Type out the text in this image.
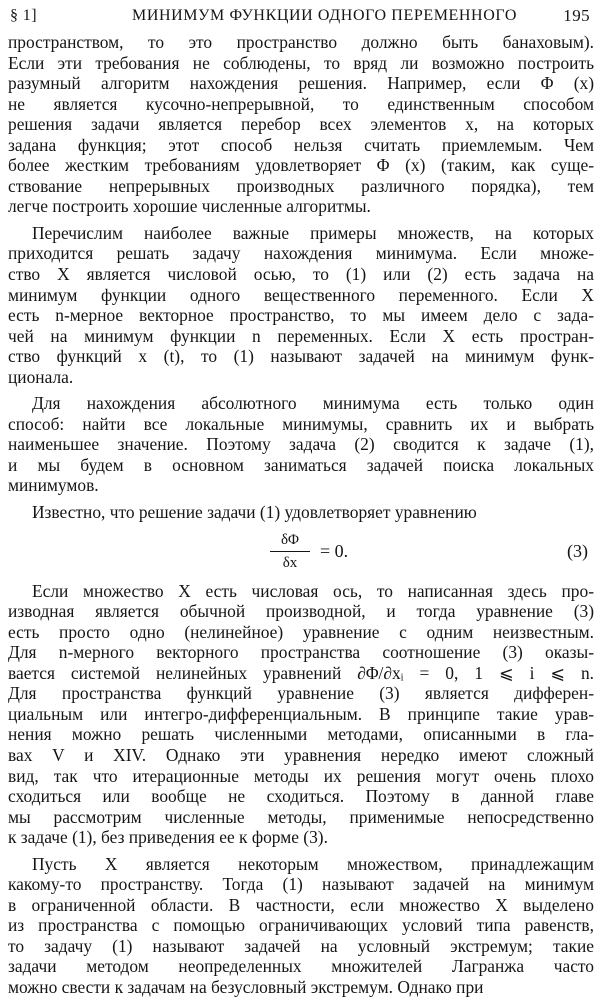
§ 1]	МИНИМУМ ФУНКЦИИ ОДНОГО ПЕРЕМЕННОГО	195
пространством, то это пространство должно быть банаховым).
Если эти требования не соблюдены, то вряд ли возможно построить
разумный алгоритм нахождения решения. Например, если Φ (x)
не является кусочно-непрерывной, то единственным способом
решения задачи является перебор всех элементов x, на которых
задана функция; этот способ нельзя считать приемлемым. Чем
более жестким требованиям удовлетворяет Φ (x) (таким, как суще-
ствование непрерывных производных различного порядка), тем
легче построить хорошие численные алгоритмы.
Перечислим наиболее важные примеры множеств, на которых
приходится решать задачу нахождения минимума. Если множе-
ство X является числовой осью, то (1) или (2) есть задача на
минимум функции одного вещественного переменного. Если X
есть n-мерное векторное пространство, то мы имеем дело с зада-
чей на минимум функции n переменных. Если X есть простран-
ство функций x (t), то (1) называют задачей на минимум функ-
ционала.
Для нахождения абсолютного минимума есть только один
способ: найти все локальные минимумы, сравнить их и выбрать
наименьшее значение. Поэтому задача (2) сводится к задаче (1),
и мы будем в основном заниматься задачей поиска локальных
минимумов.
Известно, что решение задачи (1) удовлетворяет уравнению
δΦ
δx
= 0.	(3)
Если множество X есть числовая ось, то написанная здесь про-
изводная является обычной производной, и тогда уравнение (3)
есть просто одно (нелинейное) уравнение с одним неизвестным.
Для n-мерного векторного пространства соотношение (3) оказы-
вается системой нелинейных уравнений ∂Φ/∂xᵢ = 0, 1 ⩽ i ⩽ n.
Для пространства функций уравнение (3) является дифферен-
циальным или интегро-дифференциальным. В принципе такие урав-
нения можно решать численными методами, описанными в гла-
вах V и XIV. Однако эти уравнения нередко имеют сложный
вид, так что итерационные методы их решения могут очень плохо
сходиться или вообще не сходиться. Поэтому в данной главе
мы рассмотрим численные методы, применимые непосредственно
к задаче (1), без приведения ее к форме (3).
Пусть X является некоторым множеством, принадлежащим
какому-то пространству. Тогда (1) называют задачей на минимум
в ограниченной области. В частности, если множество X выделено
из пространства с помощью ограничивающих условий типа равенств,
то задачу (1) называют задачей на условный экстремум; такие
задачи методом неопределенных множителей Лагранжа часто
можно свести к задачам на безусловный экстремум. Однако при
